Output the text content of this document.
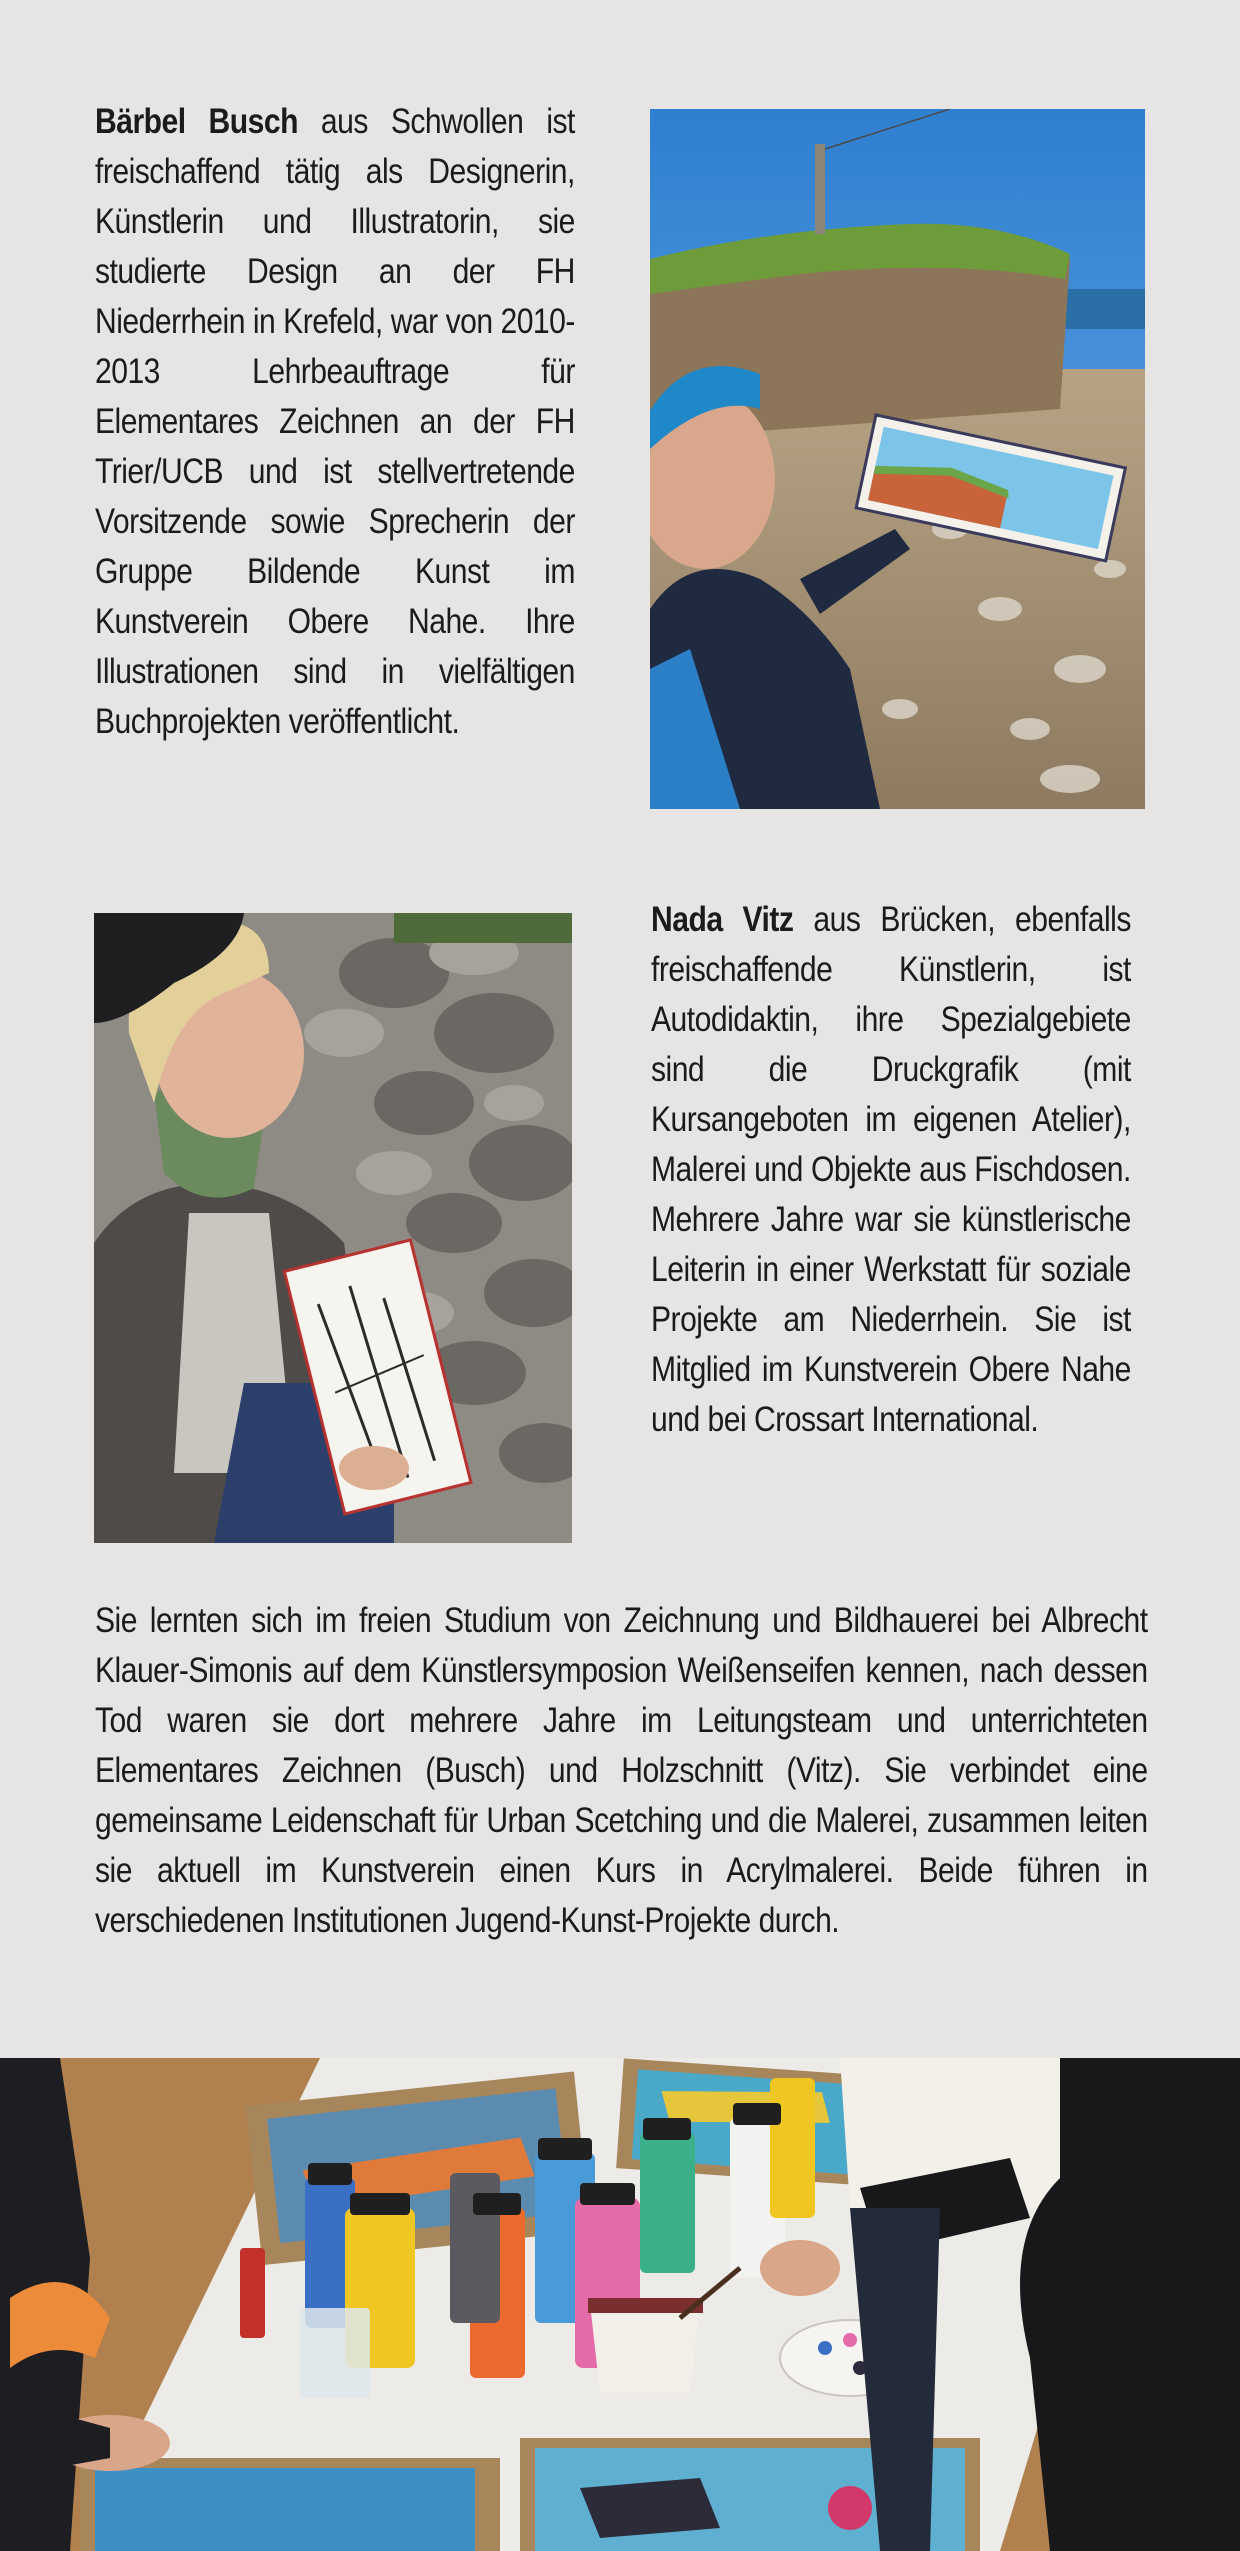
Bärbel Busch aus Schwollen ist freischaffend tätig als Designerin, Künstlerin und Illustratorin, sie studierte Design an der FH Niederrhein in Krefeld, war von 2010-2013 Lehrbeauftrage für Elementares Zeichnen an der FH Trier/UCB und ist stellvertretende Vorsitzende sowie Sprecherin der Gruppe Bildende Kunst im Kunstverein Obere Nahe. Ihre Illustrationen sind in vielfältigen Buchprojekten veröffentlicht.

Nada Vitz aus Brücken, ebenfalls freischaffende Künstlerin, ist Autodidaktin, ihre Spezialgebiete sind die Druckgrafik (mit Kursangeboten im eigenen Atelier), Malerei und Objekte aus Fischdosen. Mehrere Jahre war sie künstlerische Leiterin in einer Werkstatt für soziale Projekte am Niederrhein. Sie ist Mitglied im Kunstverein Obere Nahe und bei Crossart International.

Sie lernten sich im freien Studium von Zeichnung und Bildhauerei bei Albrecht Klauer-Simonis auf dem Künstlersymposion Weißenseifen kennen, nach dessen Tod waren sie dort mehrere Jahre im Leitungsteam und unterrichteten Elementares Zeichnen (Busch) und Holzschnitt (Vitz). Sie verbindet eine gemeinsame Leidenschaft für Urban Scetching und die Malerei, zusammen leiten sie aktuell im Kunstverein einen Kurs in Acrylmalerei. Beide führen in verschiedenen Institutionen Jugend-Kunst-Projekte durch.
